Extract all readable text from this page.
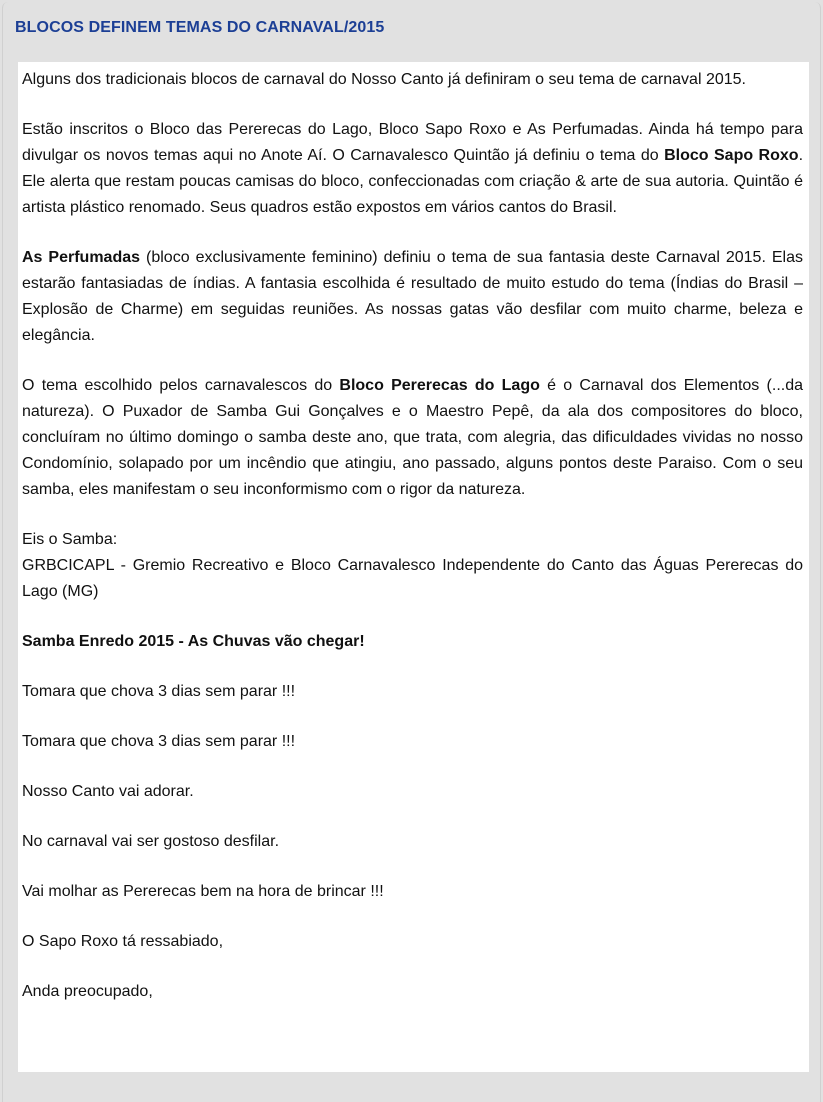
BLOCOS DEFINEM TEMAS DO CARNAVAL/2015

Alguns dos tradicionais blocos de carnaval do Nosso Canto já definiram o seu tema de carnaval 2015.

Estão inscritos o Bloco das Pererecas do Lago, Bloco Sapo Roxo e As Perfumadas. Ainda há tempo para divulgar os novos temas aqui no Anote Aí. O Carnavalesco Quintão já definiu o tema do Bloco Sapo Roxo. Ele alerta que restam poucas camisas do bloco, confeccionadas com criação & arte de sua autoria. Quintão é artista plástico renomado. Seus quadros estão expostos em vários cantos do Brasil.

As Perfumadas (bloco exclusivamente feminino) definiu o tema de sua fantasia deste Carnaval 2015. Elas estarão fantasiadas de índias. A fantasia escolhida é resultado de muito estudo do tema (Índias do Brasil – Explosão de Charme) em seguidas reuniões. As nossas gatas vão desfilar com muito charme, beleza e elegância.

O tema escolhido pelos carnavalescos do Bloco Pererecas do Lago é o Carnaval dos Elementos (...da natureza). O Puxador de Samba Gui Gonçalves e o Maestro Pepê, da ala dos compositores do bloco, concluíram no último domingo o samba deste ano, que trata, com alegria, das dificuldades vividas no nosso Condomínio, solapado por um incêndio que atingiu, ano passado, alguns pontos deste Paraiso. Com o seu samba, eles manifestam o seu inconformismo com o rigor da natureza.

Eis o Samba:
GRBCICAPL - Gremio Recreativo e Bloco Carnavalesco Independente do Canto das Águas Pererecas do Lago (MG)

Samba Enredo 2015 - As Chuvas vão chegar!

Tomara que chova 3 dias sem parar !!!

Tomara que chova 3 dias sem parar !!!

Nosso Canto vai adorar.

No carnaval vai ser gostoso desfilar.

Vai molhar as Pererecas bem na hora de brincar !!!

O Sapo Roxo tá ressabiado,

Anda preocupado,
